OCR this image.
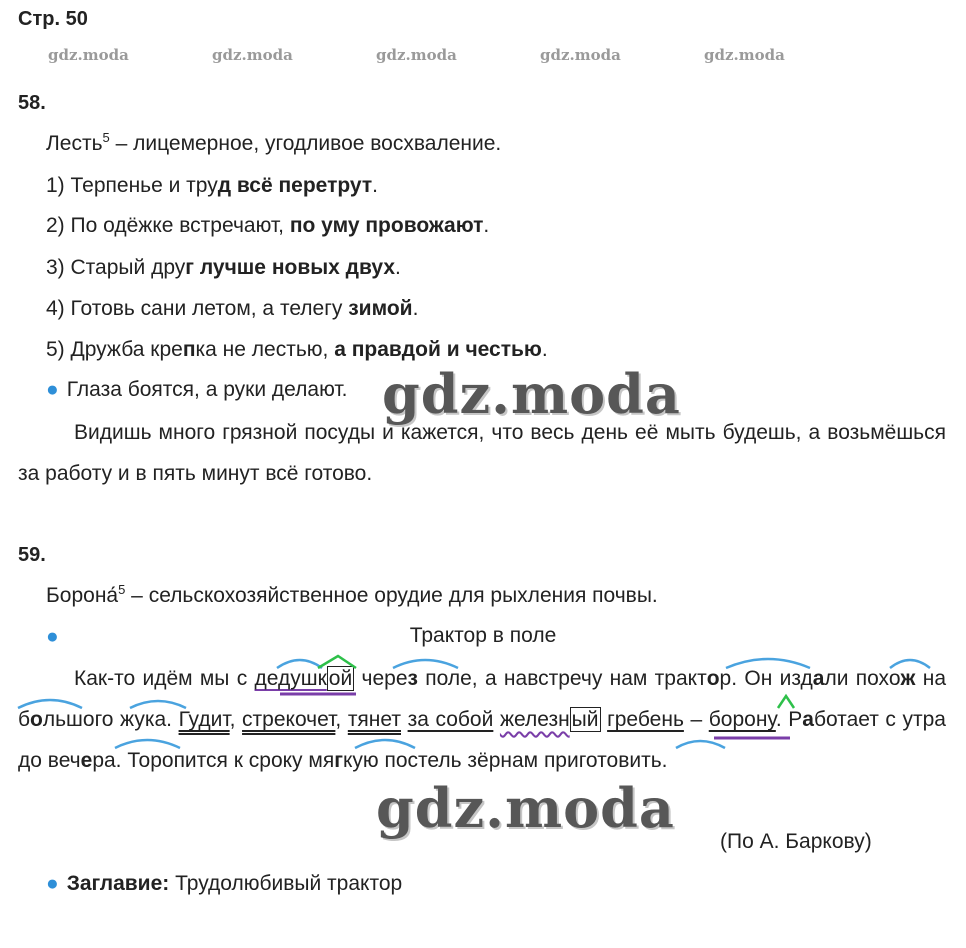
Стр. 50
gdz.moda	gdz.moda	gdz.moda	gdz.moda	gdz.moda
58.
Лесть$^5$ – лицемерное, угодливое восхваление.
1) Терпенье и труд всё перетрут.
2) По одёжке встречают, по уму провожают.
3) Старый друг лучше новых двух.
4) Готовь сани летом, а телегу зимой.
5) Дружба крепка не лестью, а правдой и честью.
● Глаза боятся, а руки делают. gdz.moda

Видишь много грязной посуды и кажется, что весь день её мыть будешь, а возьмёшься за работу и в пять минут всё готово.

59.
Борона́$^5$ – сельскохозяйственное орудие для рыхления почвы.
●	Трактор в поле

Как-то идём мы с дедушкой через поле, а навстречу нам трактор. Он издали похож на большого жука. Гудит, стрекочет, тянет за собой железный гребень – борону. Работает с утра до вечера. Торопится к сроку мягкую постель зёрнам приготовить.

gdz.moda
(По А. Баркову)
● Заглавие: Трудолюбивый трактор
